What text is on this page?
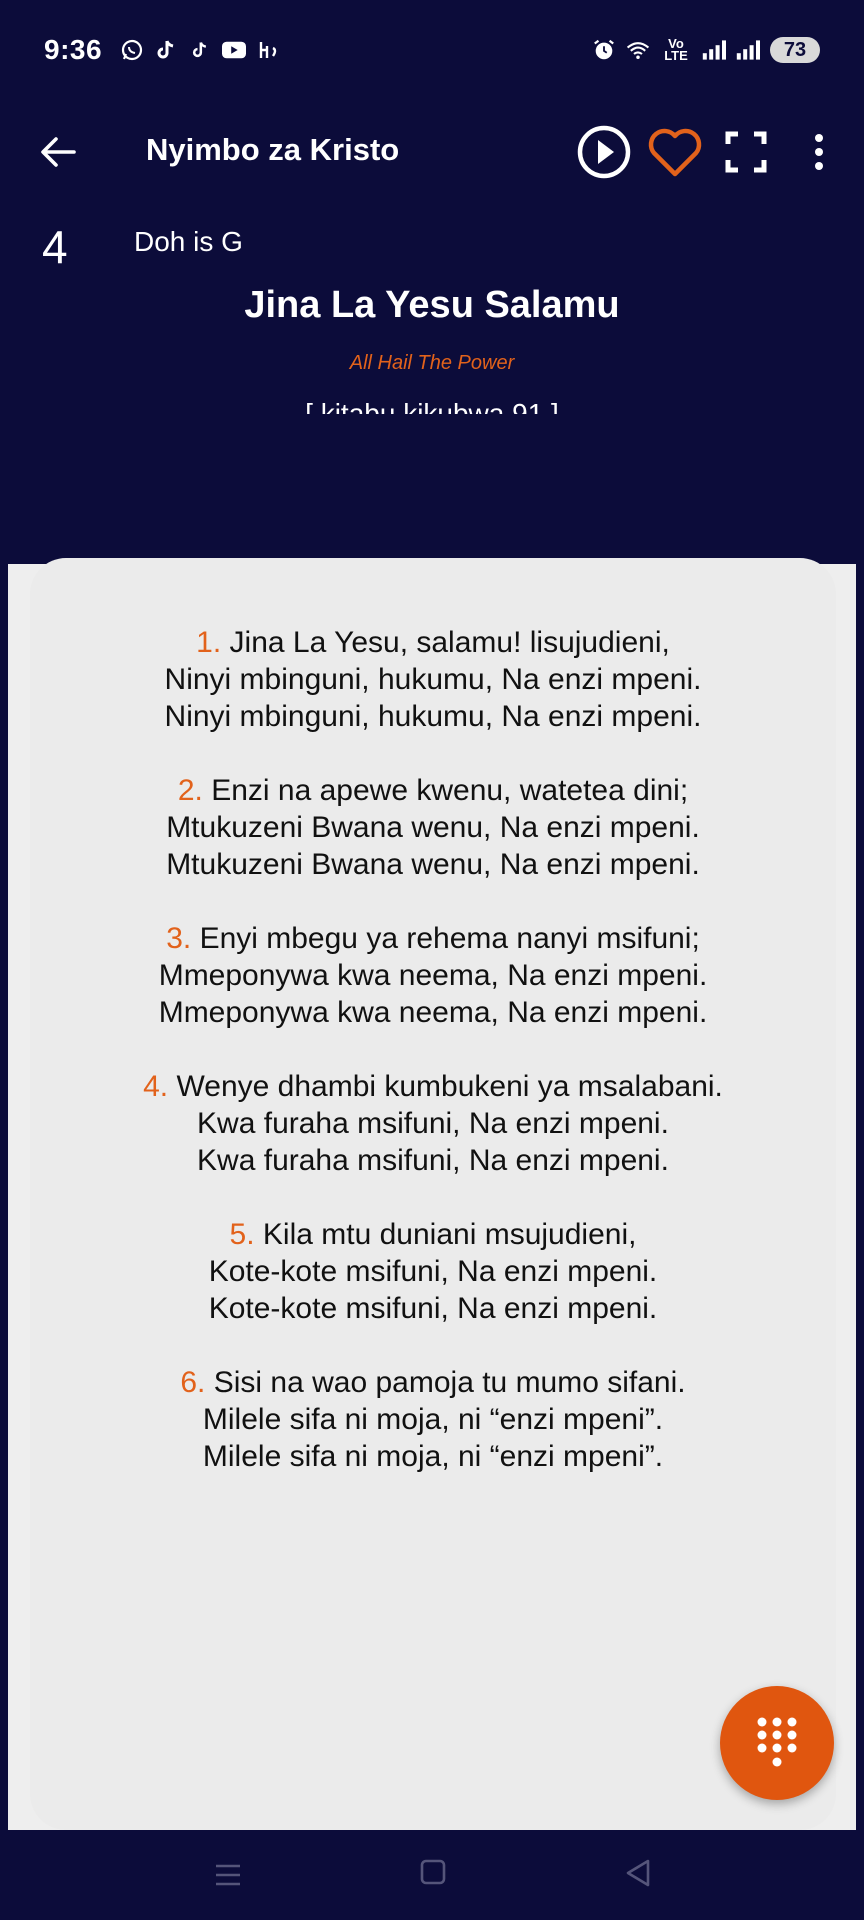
9:36	Vo LTE	73
Nyimbo za Kristo
4 Doh is G
Jina La Yesu Salamu
All Hail The Power
1. Jina La Yesu, salamu! lisujudieni,
Ninyi mbinguni, hukumu, Na enzi mpeni.
Ninyi mbinguni, hukumu, Na enzi mpeni.
2. Enzi na apewe kwenu, watetea dini;
Mtukuzeni Bwana wenu, Na enzi mpeni.
Mtukuzeni Bwana wenu, Na enzi mpeni.
3. Enyi mbegu ya rehema nanyi msifuni;
Mmeponywa kwa neema, Na enzi mpeni.
Mmeponywa kwa neema, Na enzi mpeni.
4. Wenye dhambi kumbukeni ya msalabani.
Kwa furaha msifuni, Na enzi mpeni.
Kwa furaha msifuni, Na enzi mpeni.
5. Kila mtu duniani msujudieni,
Kote-kote msifuni, Na enzi mpeni.
Kote-kote msifuni, Na enzi mpeni.
6. Sisi na wao pamoja tu mumo sifani.
Milele sifa ni moja, ni “enzi mpeni”.
Milele sifa ni moja, ni “enzi mpeni”.
